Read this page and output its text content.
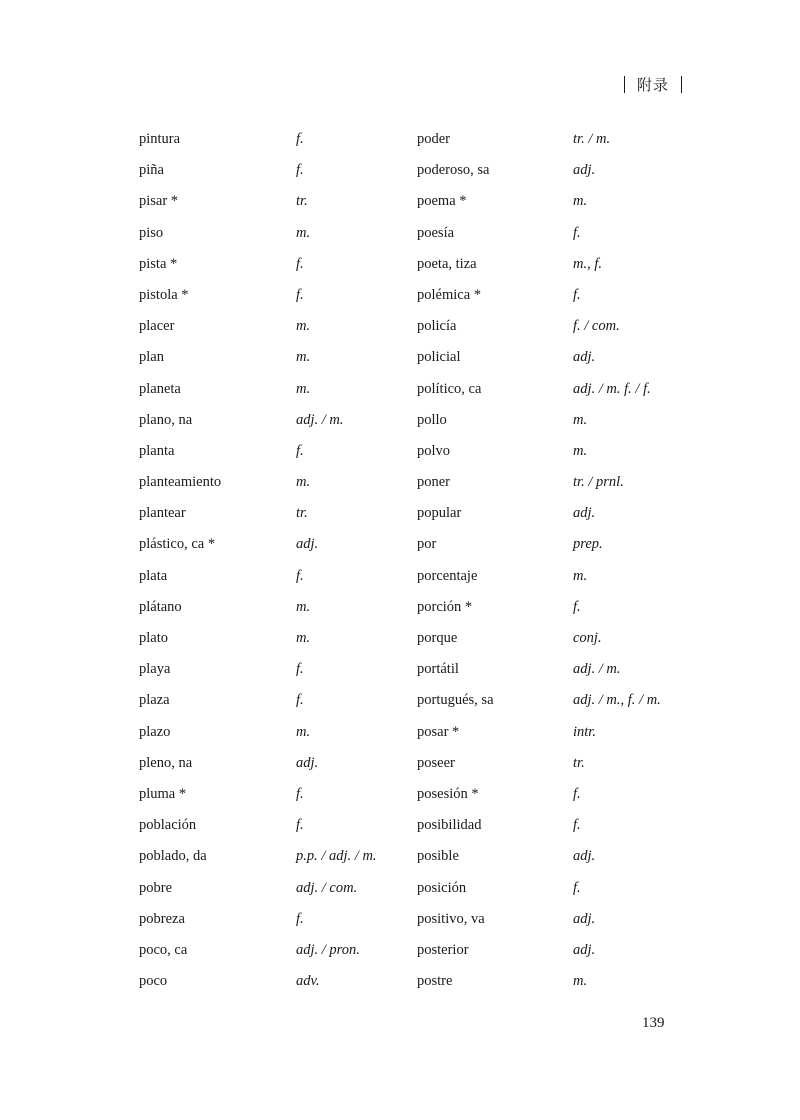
附录
pintura	f.	poder	tr. / m.
piña	f.	poderoso, sa	adj.
pisar *	tr.	poema *	m.
piso	m.	poesía	f.
pista *	f.	poeta, tiza	m., f.
pistola *	f.	polémica *	f.
placer	m.	policía	f. / com.
plan	m.	policial	adj.
planeta	m.	político, ca	adj. / m. f. / f.
plano, na	adj. / m.	pollo	m.
planta	f.	polvo	m.
planteamiento	m.	poner	tr. / prnl.
plantear	tr.	popular	adj.
plástico, ca *	adj.	por	prep.
plata	f.	porcentaje	m.
plátano	m.	porción *	f.
plato	m.	porque	conj.
playa	f.	portátil	adj. / m.
plaza	f.	portugués, sa	adj. / m., f. / m.
plazo	m.	posar *	intr.
pleno, na	adj.	poseer	tr.
pluma *	f.	posesión *	f.
población	f.	posibilidad	f.
poblado, da	p.p. / adj. / m.	posible	adj.
pobre	adj. / com.	posición	f.
pobreza	f.	positivo, va	adj.
poco, ca	adj. / pron.	posterior	adj.
poco	adv.	postre	m.
139
